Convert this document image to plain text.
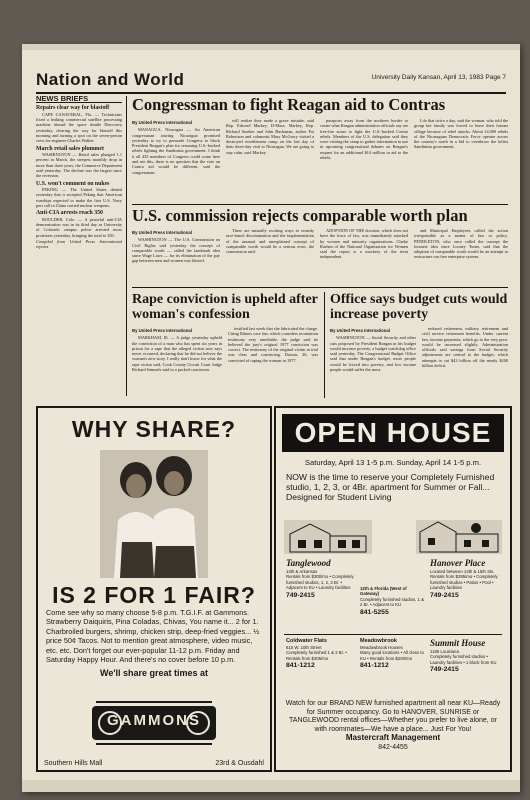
Nation and World	University Daily Kansan, April 13, 1983 Page 7
NEWS BRIEFS
Repairs clear way for blastoff

CAPE CANAVERAL, Fla. — Technicians fixed a leaking commercial satellite processing machine aboard the space shuttle Discovery yesterday, clearing the way for blastoff this morning and turning a spot on the seven-person crew for engineer Charles Walker.

March retail sales plummet

WASHINGTON — Retail sales plunged 1.1 percent in March, the steepest monthly drop in more than three years, the Commerce Department said yesterday. The decline was the largest since the recession.

U.S. won't comment on nukes

PEKING — The United States denied yesterday that it accepted Peking that American warships expected to make the first U.S. Navy port call in China carried nuclear weapons.

Anti-CIA arrests reach 350

BOULDER, Colo. — A peaceful anti-CIA demonstration was in its third day as University of Colorado campus police arrested more protesters yesterday, bringing the total to 350.

Compiled from United Press International reports

Congressman to fight Reagan aid to Contras
By United Press International

MANAGUA, Nicaragua — An American congressman touring Nicaragua promised yesterday to try to persuade Congress to block President Reagan's plan for resuming U.S.-backed rebels fighting the Sandinista government. I think it all 435 members of Congress could come here and see this, there is no question that the vote on Contra aid would be different, said the congressman.

will realize they made a grave mistake, said Rep. Edward Markey, D-Mass. Markey, Rep. Richard Stoeker and John Buchanan, author Pat Robertson and columnist Mary McGrory visited a destroyed resettlement camp on the last day of their three-day visit to Nicaragua. We are going to stay calm, said Markey.

passports away from the northern border to create what Reagan administration officials say are free-fire zones to fight the U.S.-backed Contra rebels. Members of the U.S. delegation said they were visiting the camp to gather information to use in upcoming congressional debates on Reagan's request for an additional $14 million in aid to the rebels.

I do that twice a day, said the woman, who told the group her family was forced to leave their former village because of rebel attacks. About 14,000 rebels of the Nicaraguan Democratic Force operate across the country's north in a bid to overthrow the leftist Sandinista government.

U.S. commission rejects comparable worth plan
By United Press International

WASHINGTON — The U.S. Commission on Civil Rights said yesterday the concept of comparable worth — called the landmark idea since Wage Laws — for its elimination of the pay gap between men and women was flawed.

There are naturally exciting ways to remedy race-based discrimination and the implementation of the unusual and unexplained concept of comparable worth would be a serious error, the commission said.

ADOPTION OF THE doctrine, which does not have the force of law, was immediately attacked by women and minority organizations. Clarke Rashen of the National Organization for Women said the report is a mockery of the term independent.

and Municipal Employees called the action irresponsible as a matter of law or policy. PENDLETON, who once called the concept the looniest idea since Looney Tunes, said that the adoption of comparable worth would be an attempt to restructure our free enterprise system.

Rape conviction is upheld after woman's confession
By United Press International

MARKHAM, Ill. — A judge yesterday upheld the conviction of a man who has spent six years in prison for a rape that the alleged victim now says never occurred, declaring that he did not believe the woman's new story. I really don't know for what the rape victim said, Cook County Circuit Court Judge Richard Samuels said in a packed courtroom.

testified last week that she fabricated the charge. Citing Illinois case law, which considers recantation testimony very unreliable, the judge said he believed the jury's original 1977 conviction was correct. The testimony of the original victim at trial was clear and convincing. Dotson, 26, was convicted of raping the woman in 1977.

Office says budget cuts would increase poverty
By United Press International

WASHINGTON — Social Security and other cuts proposed by President Reagan in his budget would increase poverty, a budget watchdog office said yesterday. The Congressional Budget Office said that under Reagan's budget, more people would be forced into poverty, and low income people would suffer the most.

reduced retirement, military retirement and civil service retirement benefits. Under current law, income payments, which go to the very poor, would be increased slightly. Administration officials said savings from Social Security adjustments are central to the budget, which attempts to cut $43 billion off the nearly $200 billion deficit.

WHY SHARE?
IS 2 FOR 1 FAIR?
Come see why so many choose 5-8 p.m. T.G.I.F. at Gammons. Strawberry Daiquiris, Pina Coladas, Chivas, You name it... 2 for 1. Charbroiled burgers, shrimp, chicken strip, deep-fried veggies... ½ price 50¢ Tacos. Not to mention great atmosphere, video music, etc. etc. Don't forget our ever-popular 11-12 p.m. Friday and Saturday Happy Hour. And there's no cover before 10 p.m.
We'll share great times at
GAMMONS
Southern Hills Mall	23rd & Ousdahl
OPEN HOUSE
Saturday, April 13 1-5 p.m. Sunday, April 14 1-5 p.m.
NOW is the time to reserve your Completely Furnished studio, 1, 2, 3, or 4Br. apartment for Summer or Fall... Designed for Student Living
Tanglewood
13th & Arkansas
Rentals from $300/mo • Completely furnished studios, 1, 2, 3 Br. • Adjacent to KU • Laundry facilities
749-2415
12th & Florida (West of Gateway)
Completely furnished studios, 1 & 2 Br. • Adjacent to KU
841-5255
Hanover Place
Located between 14th & 15th Sts.
Rentals from $285/mo • Completely furnished studios • Patios • Pool • Laundry facilities
749-2415
Coldwater Flats
615 W. 10th Street
Completely furnished 1 & 2 Br. • Rentals from $305/mo
841-1212
Meadowbrook
Meadowbrook Houses
Many good locations • All close to KU • Rentals from $200/mo
841-1212
Summit House
1185 Louisiana
Completely furnished studios • Laundry facilities • 1 block from KU
749-2415
Watch for our BRAND NEW furnished apartment all near KU—Ready for Summer occupancy. Go to HANOVER, SUNRISE or TANGLEWOOD rental offices—Whether you prefer to live alone, or with roommates—We have a place... Just For You!
Mastercraft Management
842-4455
